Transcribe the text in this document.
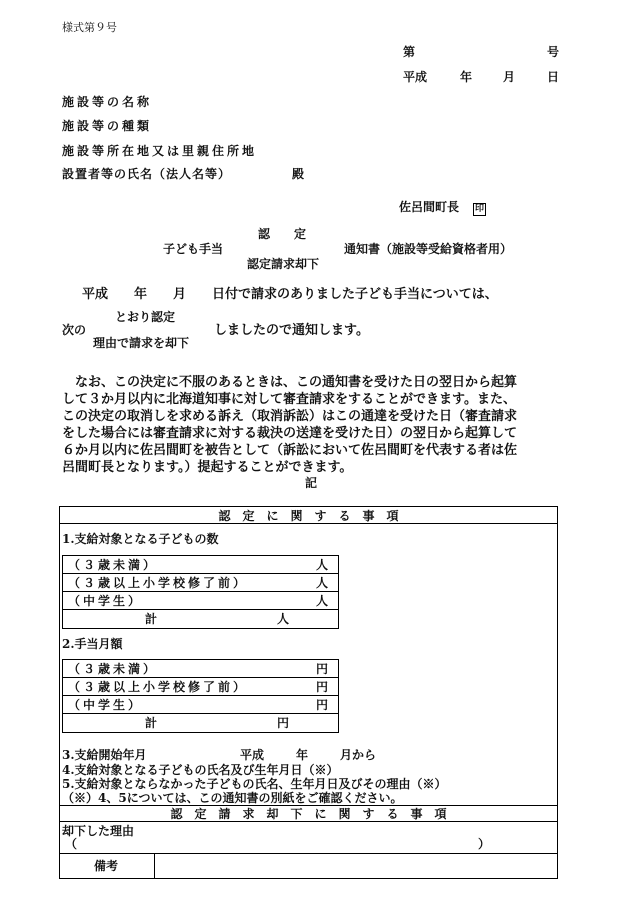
様式第９号
第	号
平成	年	月	日
施設等の名称
施設等の種類
施設等所在地又は里親住所地
設置者等の氏名（法人名等）	殿
佐呂間町長 印
認　　定
子ども手当	通知書（施設等受給資格者用）
認定請求却下
平成　　年　　月　　日付で請求のありました子ども手当については、
とおり認定
次の	しましたので通知します。
理由で請求を却下
　なお、この決定に不服のあるときは、この通知書を受けた日の翌日から起算
して３か月以内に北海道知事に対して審査請求をすることができます。また、
この決定の取消しを求める訴え（取消訴訟）はこの通達を受けた日（審査請求
をした場合には審査請求に対する裁決の送達を受けた日）の翌日から起算して
６か月以内に佐呂間町を被告として（訴訟において佐呂間町を代表する者は佐
呂間町長となります。）提起することができます。
記
認　定　に　関　す　る　事　項
1.支給対象となる子どもの数
（３歳未満）	人
（３歳以上小学校修了前）	人
（中学生）	人
計	人
2.手当月額
（３歳未満）	円
（３歳以上小学校修了前）	円
（中学生）	円
計	円
3.支給開始年月	平成	年	月から
4.支給対象となる子どもの氏名及び生年月日（※）
5.支給対象とならなかった子どもの氏名、生年月日及びその理由（※）
（※）4、5については、この通知書の別紙をご確認ください。
認　定　請　求　却　下　に　関　す　る　事　項
却下した理由
（	）
備考
